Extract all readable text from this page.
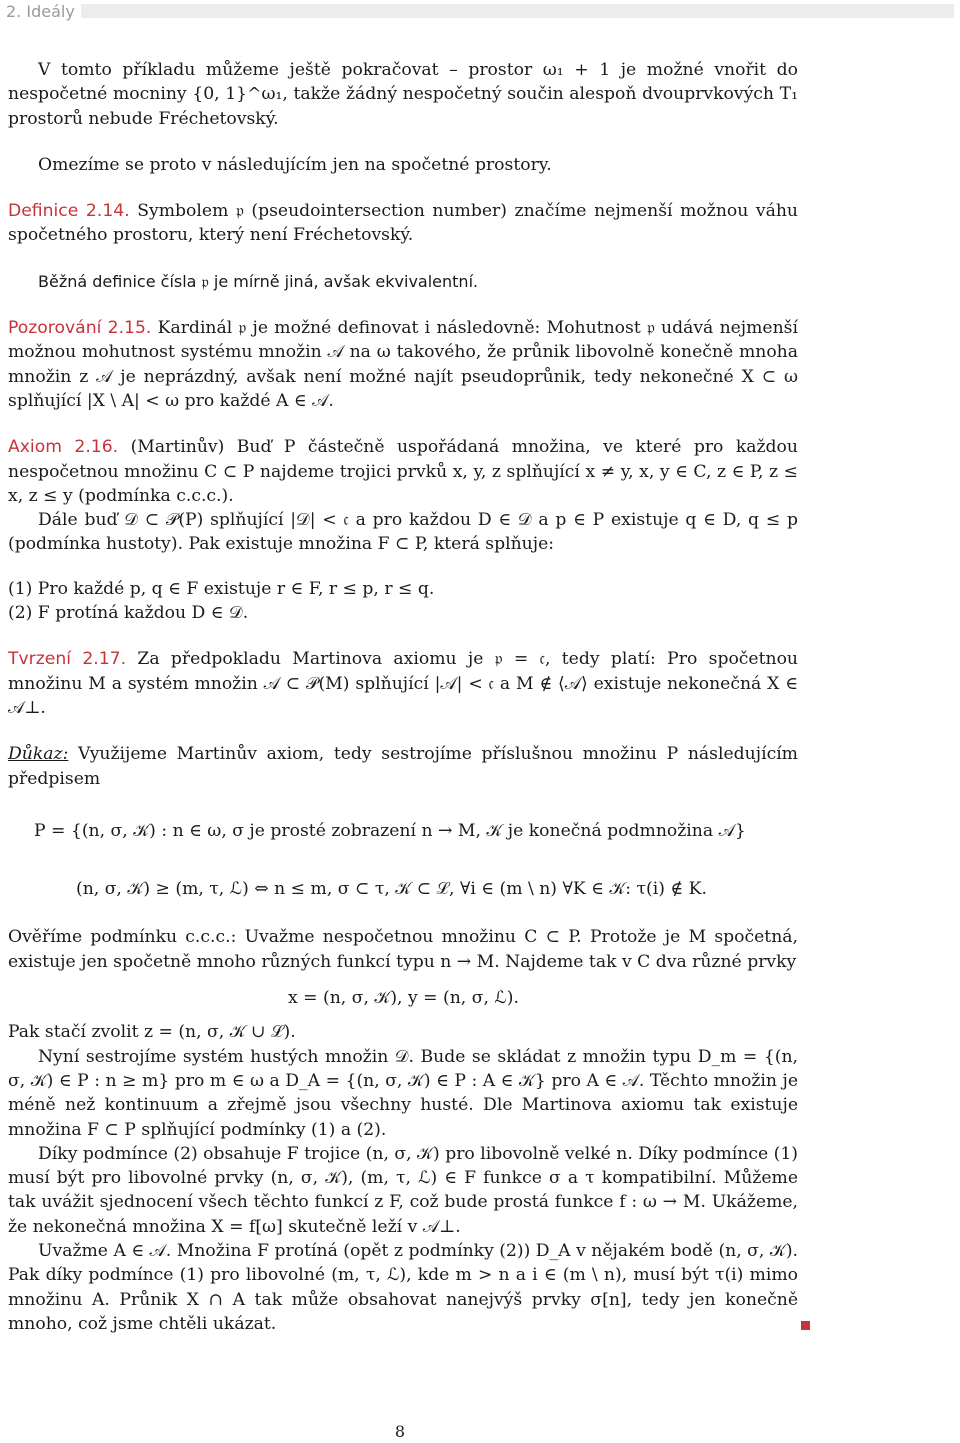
2. Ideály

V tomto příkladu můžeme ještě pokračovat – prostor ω₁ + 1 je možné vnořit do nespočetné mocniny {0, 1}^ω₁, takže žádný nespočetný součin alespoň dvouprvkových T₁ prostorů nebude Fréchetovský.

Omezíme se proto v následujícím jen na spočetné prostory.

Definice 2.14. Symbolem 𝔭 (pseudointersection number) značíme nejmenší možnou váhu spočetného prostoru, který není Fréchetovský.

Běžná definice čísla 𝔭 je mírně jiná, avšak ekvivalentní.

Pozorování 2.15. Kardinál 𝔭 je možné definovat i následovně: Mohutnost 𝔭 udává nejmenší možnou mohutnost systému množin 𝒜 na ω takového, že průnik libovolně konečně mnoha množin z 𝒜 je neprázdný, avšak není možné najít pseudoprůnik, tedy nekonečné X ⊂ ω splňující |X \ A| < ω pro každé A ∈ 𝒜.

Axiom 2.16. (Martinův) Buď P částečně uspořádaná množina, ve které pro každou nespočetnou množinu C ⊂ P najdeme trojici prvků x, y, z splňující x ≠ y, x, y ∈ C, z ∈ P, z ≤ x, z ≤ y (podmínka c.c.c.).

Dále buď 𝒟 ⊂ 𝒫(P) splňující |𝒟| < 𝔠 a pro každou D ∈ 𝒟 a p ∈ P existuje q ∈ D, q ≤ p (podmínka hustoty). Pak existuje množina F ⊂ P, která splňuje:

(1) Pro každé p, q ∈ F existuje r ∈ F, r ≤ p, r ≤ q.
(2) F protíná každou D ∈ 𝒟.

Tvrzení 2.17. Za předpokladu Martinova axiomu je 𝔭 = 𝔠, tedy platí: Pro spočetnou množinu M a systém množin 𝒜 ⊂ 𝒫(M) splňující |𝒜| < 𝔠 a M ∉ ⟨𝒜⟩ existuje nekonečná X ∈ 𝒜⊥.

Důkaz: Využijeme Martinův axiom, tedy sestrojíme příslušnou množinu P následujícím předpisem

P = {(n, σ, 𝒦) : n ∈ ω, σ je prosté zobrazení n → M, 𝒦 je konečná podmnožina 𝒜}
(n, σ, 𝒦) ≥ (m, τ, ℒ) ⇔ n ≤ m, σ ⊂ τ, 𝒦 ⊂ ℒ, ∀i ∈ (m \ n) ∀K ∈ 𝒦: τ(i) ∉ K.

Ověříme podmínku c.c.c.: Uvažme nespočetnou množinu C ⊂ P. Protože je M spočetná, existuje jen spočetně mnoho různých funkcí typu n → M. Najdeme tak v C dva různé prvky

x = (n, σ, 𝒦), y = (n, σ, ℒ).

Pak stačí zvolit z = (n, σ, 𝒦 ∪ ℒ).

Nyní sestrojíme systém hustých množin 𝒟. Bude se skládat z množin typu D_m = {(n, σ, 𝒦) ∈ P : n ≥ m} pro m ∈ ω a D_A = {(n, σ, 𝒦) ∈ P : A ∈ 𝒦} pro A ∈ 𝒜. Těchto množin je méně než kontinuum a zřejmě jsou všechny husté. Dle Martinova axiomu tak existuje množina F ⊂ P splňující podmínky (1) a (2).

Díky podmínce (2) obsahuje F trojice (n, σ, 𝒦) pro libovolně velké n. Díky podmínce (1) musí být pro libovolné prvky (n, σ, 𝒦), (m, τ, ℒ) ∈ F funkce σ a τ kompatibilní. Můžeme tak uvážit sjednocení všech těchto funkcí z F, což bude prostá funkce f : ω → M. Ukážeme, že nekonečná množina X = f[ω] skutečně leží v 𝒜⊥.

Uvažme A ∈ 𝒜. Množina F protíná (opět z podmínky (2)) D_A v nějakém bodě (n, σ, 𝒦). Pak díky podmínce (1) pro libovolné (m, τ, ℒ), kde m > n a i ∈ (m \ n), musí být τ(i) mimo množinu A. Průnik X ∩ A tak může obsahovat nanejvýš prvky σ[n], tedy jen konečně mnoho, což jsme chtěli ukázat.

8
